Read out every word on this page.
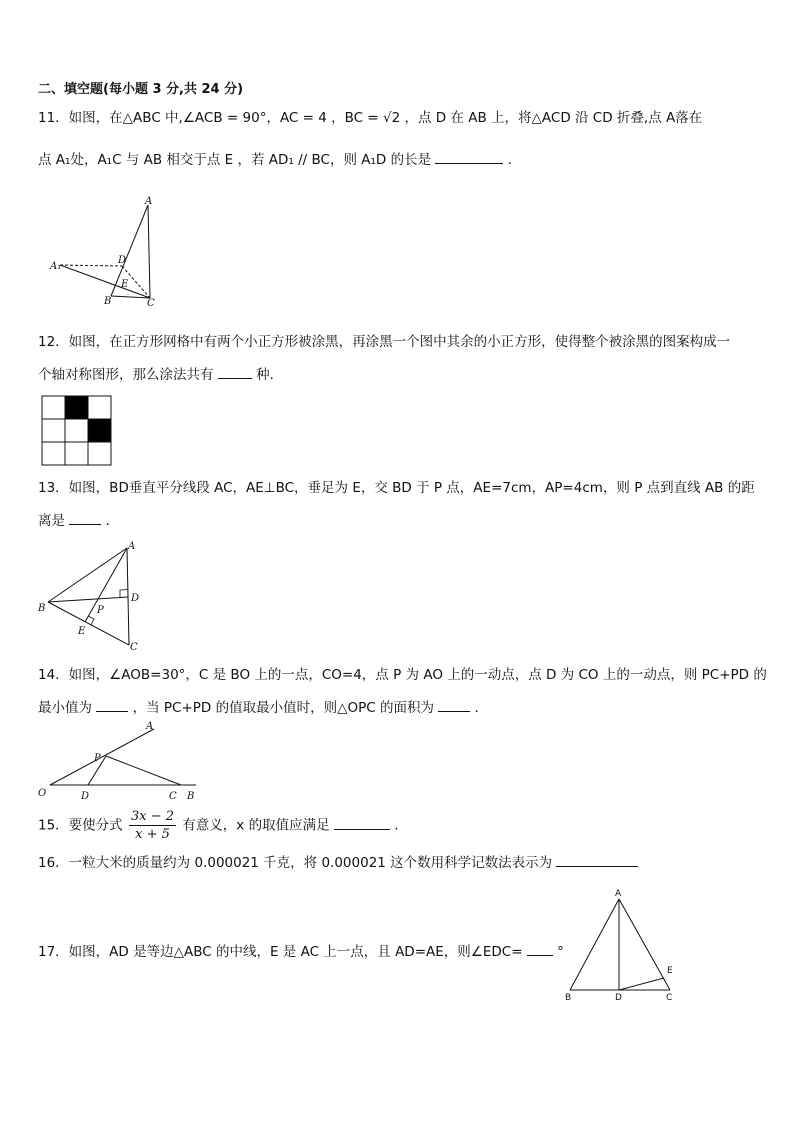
二、填空题(每小题 3 分,共 24 分)
11．如图，在△ABC 中,∠ACB = 90°，AC = 4 ，BC = √2 ，点 D 在 AB 上，将△ACD 沿 CD 折叠,点 A落在
点 A₁处，A₁C 与 AB 相交于点 E ，若 AD₁ // BC，则 A₁D 的长是	.
A
A₁
D
E
B	C
12．如图，在正方形网格中有两个小正方形被涂黑，再涂黑一个图中其余的小正方形，使得整个被涂黑的图案构成一
个轴对称图形，那么涂法共有	种．
13．如图，BD垂直平分线段 AC，AE⊥BC，垂足为 E，交 BD 于 P 点，AE=7cm，AP=4cm，则 P 点到直线 AB 的距
离是	．
A
B
C
D
P
E
14．如图，∠AOB=30°，C 是 BO 上的一点，CO=4，点 P 为 AO 上的一动点，点 D 为 CO 上的一动点，则 PC+PD 的
最小值为	，当 PC+PD 的值取最小值时，则△OPC 的面积为	．
A
O
P
D	C B
15．要使分式 $\frac{3x - 2}{x + 5}$ 有意义，x 的取值应满足	.
16．一粒大米的质量约为 0.000021 千克，将 0.000021 这个数用科学记数法表示为
17．如图，AD 是等边△ABC 的中线，E 是 AC 上一点，且 AD=AE，则∠EDC=	°
A
B	D	C
E
